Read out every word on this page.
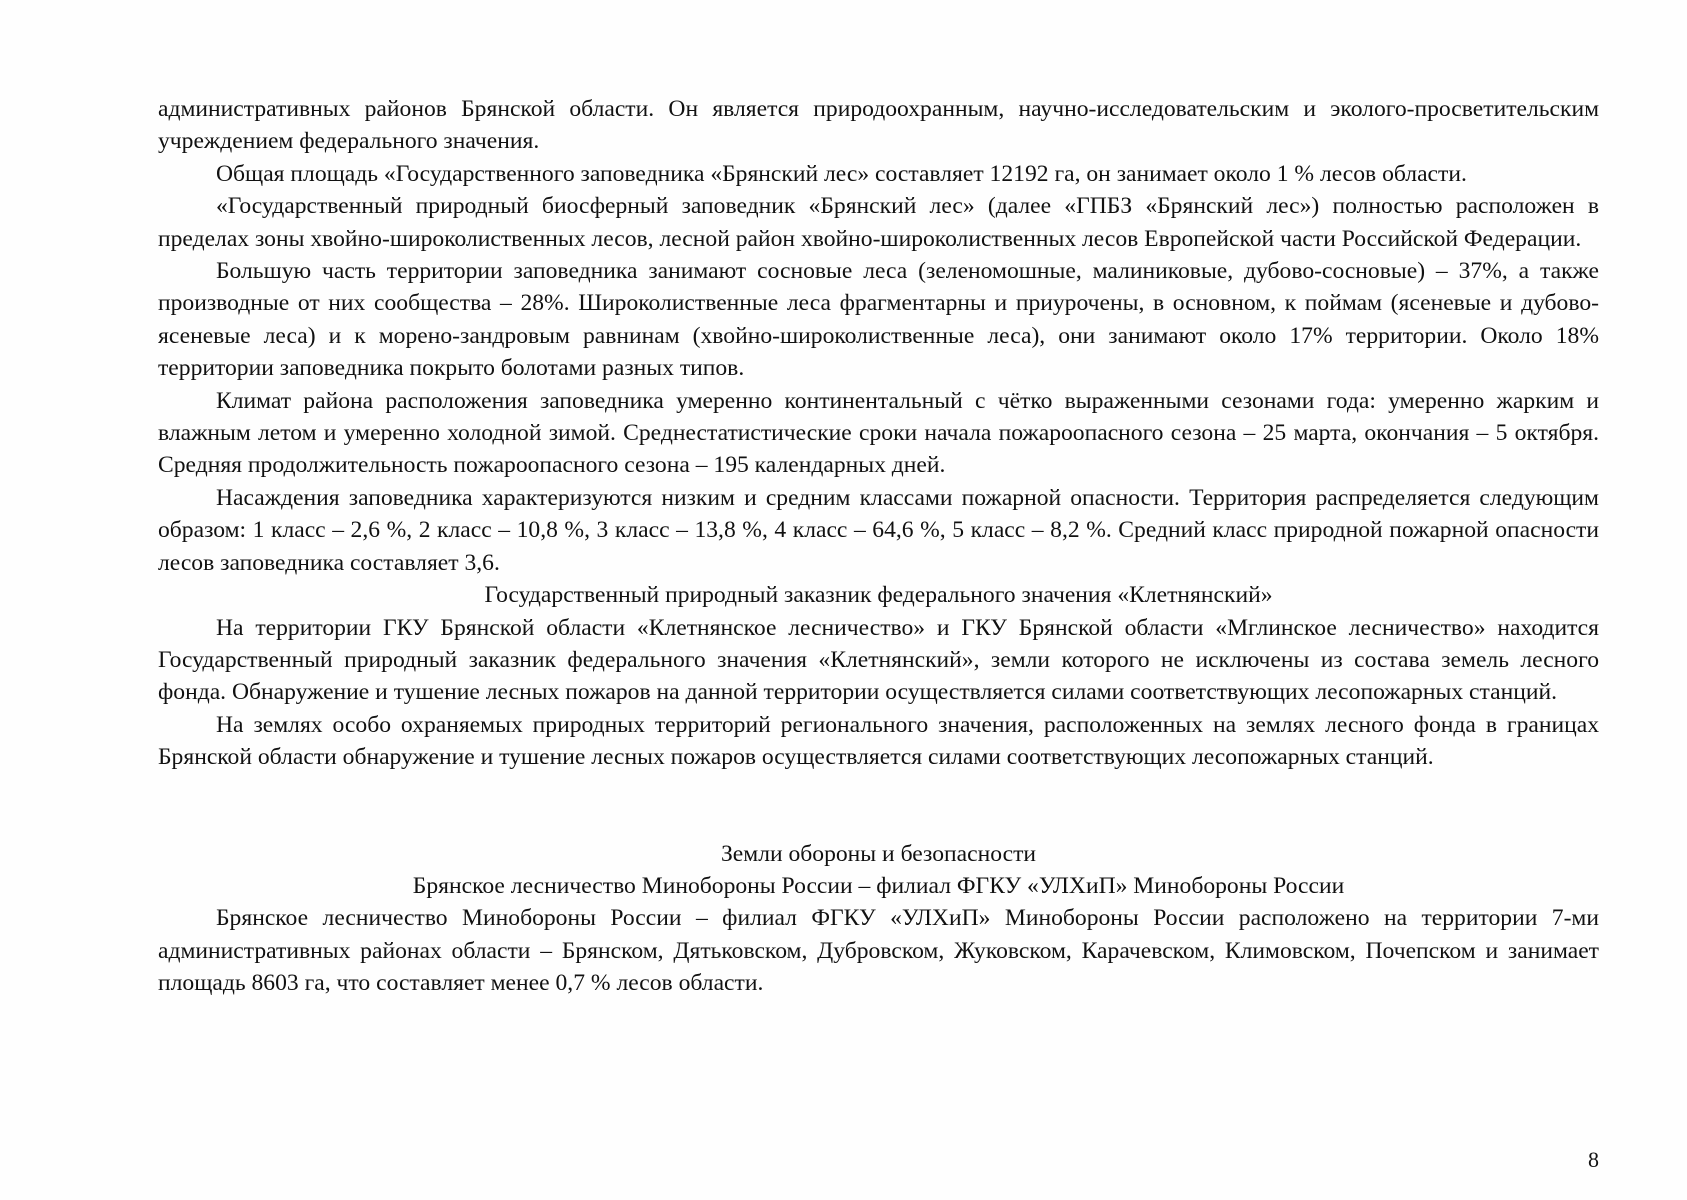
административных районов Брянской области. Он является природоохранным, научно-исследовательским и эколого-просветительским учреждением федерального значения.

Общая площадь «Государственного заповедника «Брянский лес» составляет 12192 га, он занимает около 1 % лесов области.

«Государственный природный биосферный заповедник «Брянский лес» (далее «ГПБЗ «Брянский лес») полностью расположен в пределах зоны хвойно-широколиственных лесов, лесной район хвойно-широколиственных лесов Европейской части Российской Федерации.

Большую часть территории заповедника занимают сосновые леса (зеленомошные, малиниковые, дубово-сосновые) – 37%, а также производные от них сообщества – 28%. Широколиственные леса фрагментарны и приурочены, в основном, к поймам (ясеневые и дубово-ясеневые леса) и к морено-зандровым равнинам (хвойно-широколиственные леса), они занимают около 17% территории. Около 18% территории заповедника покрыто болотами разных типов.

Климат района расположения заповедника умеренно континентальный с чётко выраженными сезонами года: умеренно жарким и влажным летом и умеренно холодной зимой. Среднестатистические сроки начала пожароопасного сезона – 25 марта, окончания – 5 октября. Средняя продолжительность пожароопасного сезона – 195 календарных дней.

Насаждения заповедника характеризуются низким и средним классами пожарной опасности. Территория распределяется следующим образом: 1 класс – 2,6 %, 2 класс – 10,8 %, 3 класс – 13,8 %, 4 класс – 64,6 %, 5 класс – 8,2 %. Средний класс природной пожарной опасности лесов заповедника составляет 3,6.

Государственный природный заказник федерального значения «Клетнянский»

На территории ГКУ Брянской области «Клетнянское лесничество» и ГКУ Брянской области «Мглинское лесничество» находится Государственный природный заказник федерального значения «Клетнянский», земли которого не исключены из состава земель лесного фонда. Обнаружение и тушение лесных пожаров на данной территории осуществляется силами соответствующих лесопожарных станций.

На землях особо охраняемых природных территорий регионального значения, расположенных на землях лесного фонда в границах Брянской области обнаружение и тушение лесных пожаров осуществляется силами соответствующих лесопожарных станций.

Земли обороны и безопасности

Брянское лесничество Минобороны России – филиал ФГКУ «УЛХиП» Минобороны России

Брянское лесничество Минобороны России – филиал ФГКУ «УЛХиП» Минобороны России расположено на территории 7-ми административных районах области – Брянском, Дятьковском, Дубровском, Жуковском, Карачевском, Климовском, Почепском и занимает площадь 8603 га, что составляет менее 0,7 % лесов области.

8
